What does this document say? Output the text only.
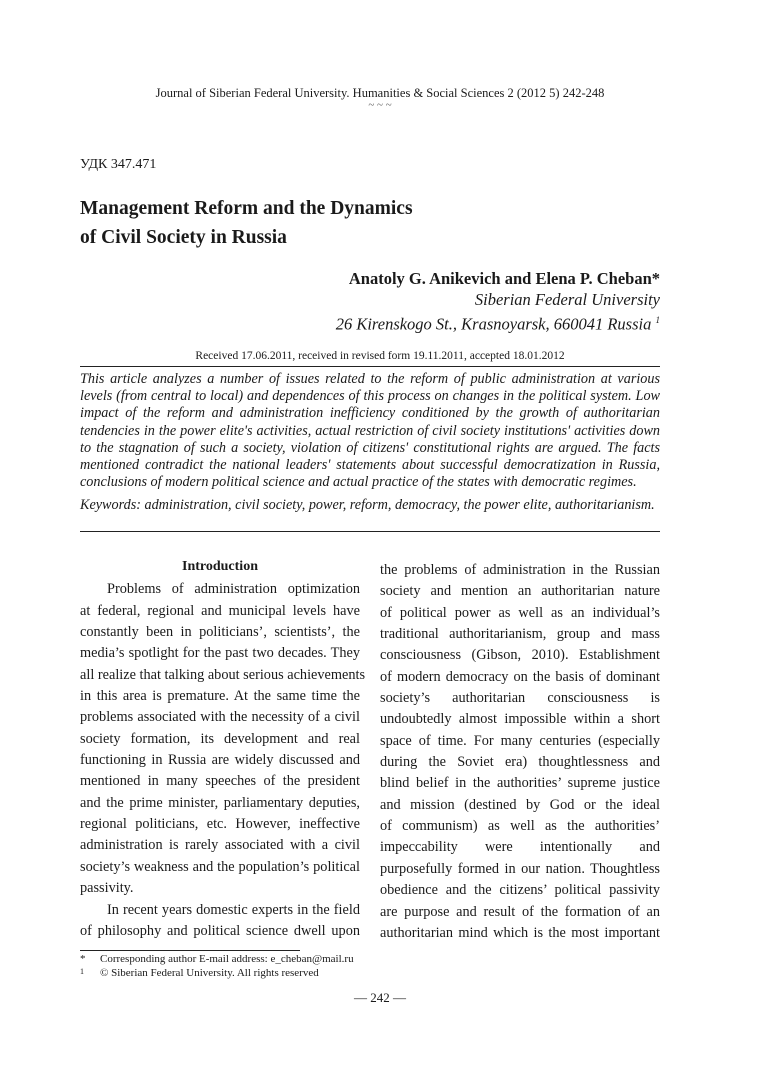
Journal of Siberian Federal University. Humanities & Social Sciences 2 (2012 5) 242-248
~ ~ ~
УДК 347.471
Management Reform and the Dynamics
of Civil Society in Russia
Anatoly G. Anikevich and Elena P. Cheban*
Siberian Federal University
26 Kirenskogo St., Krasnoyarsk, 660041 Russia $^1$
Received 17.06.2011, received in revised form 19.11.2011, accepted 18.01.2012
This article analyzes a number of issues related to the reform of public administration at various levels (from central to local) and dependences of this process on changes in the political system. Low impact of the reform and administration inefficiency conditioned by the growth of authoritarian tendencies in the power elite's activities, actual restriction of civil society institutions' activities down to the stagnation of such a society, violation of citizens' constitutional rights are argued. The facts mentioned contradict the national leaders' statements about successful democratization in Russia, conclusions of modern political science and actual practice of the states with democratic regimes.
Keywords: administration, civil society, power, reform, democracy, the power elite, authoritarianism.
Introduction
Problems of administration optimization
at federal, regional and municipal levels have
constantly been in politicians’, scientists’, the
media’s spotlight for the past two decades. They
all realize that talking about serious achievements
in this area is premature. At the same time the
problems associated with the necessity of a civil
society formation, its development and real
functioning in Russia are widely discussed and
mentioned in many speeches of the president
and the prime minister, parliamentary deputies,
regional politicians, etc. However, ineffective
administration is rarely associated with a civil
society’s weakness and the population’s political
passivity.
In recent years domestic experts in the field
of philosophy and political science dwell upon
the problems of administration in the Russian
society and mention an authoritarian nature
of political power as well as an individual’s
traditional authoritarianism, group and mass
consciousness (Gibson, 2010). Establishment
of modern democracy on the basis of dominant
society’s authoritarian consciousness is
undoubtedly almost impossible within a short
space of time. For many centuries (especially
during the Soviet era) thoughtlessness and
blind belief in the authorities’ supreme justice
and mission (destined by God or the ideal
of communism) as well as the authorities’
impeccability were intentionally and
purposefully formed in our nation. Thoughtless
obedience and the citizens’ political passivity
are purpose and result of the formation of an
authoritarian mind which is the most important
* Corresponding author E-mail address: e_cheban@mail.ru
1 © Siberian Federal University. All rights reserved
— 242 —
